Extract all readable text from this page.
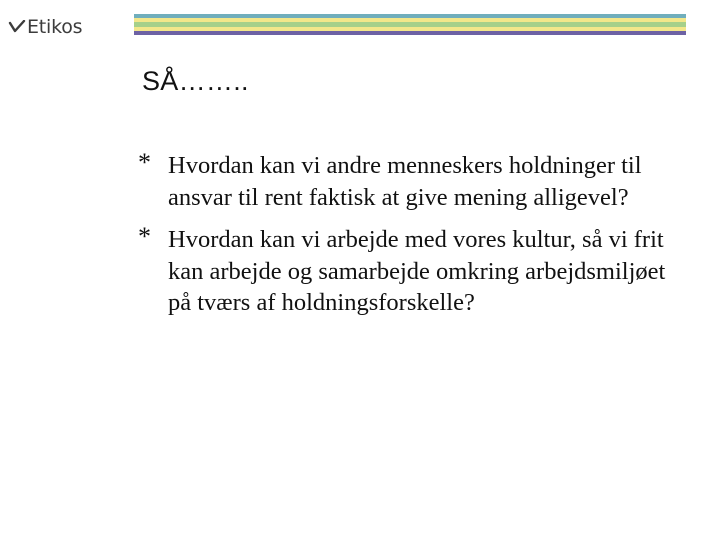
Etikos
SÅ……..
* Hvordan kan vi andre menneskers holdninger til ansvar til rent faktisk at give mening alligevel?
* Hvordan kan vi arbejde med vores kultur, så vi frit kan arbejde og samarbejde omkring arbejdsmiljøet på tværs af holdningsforskelle?
